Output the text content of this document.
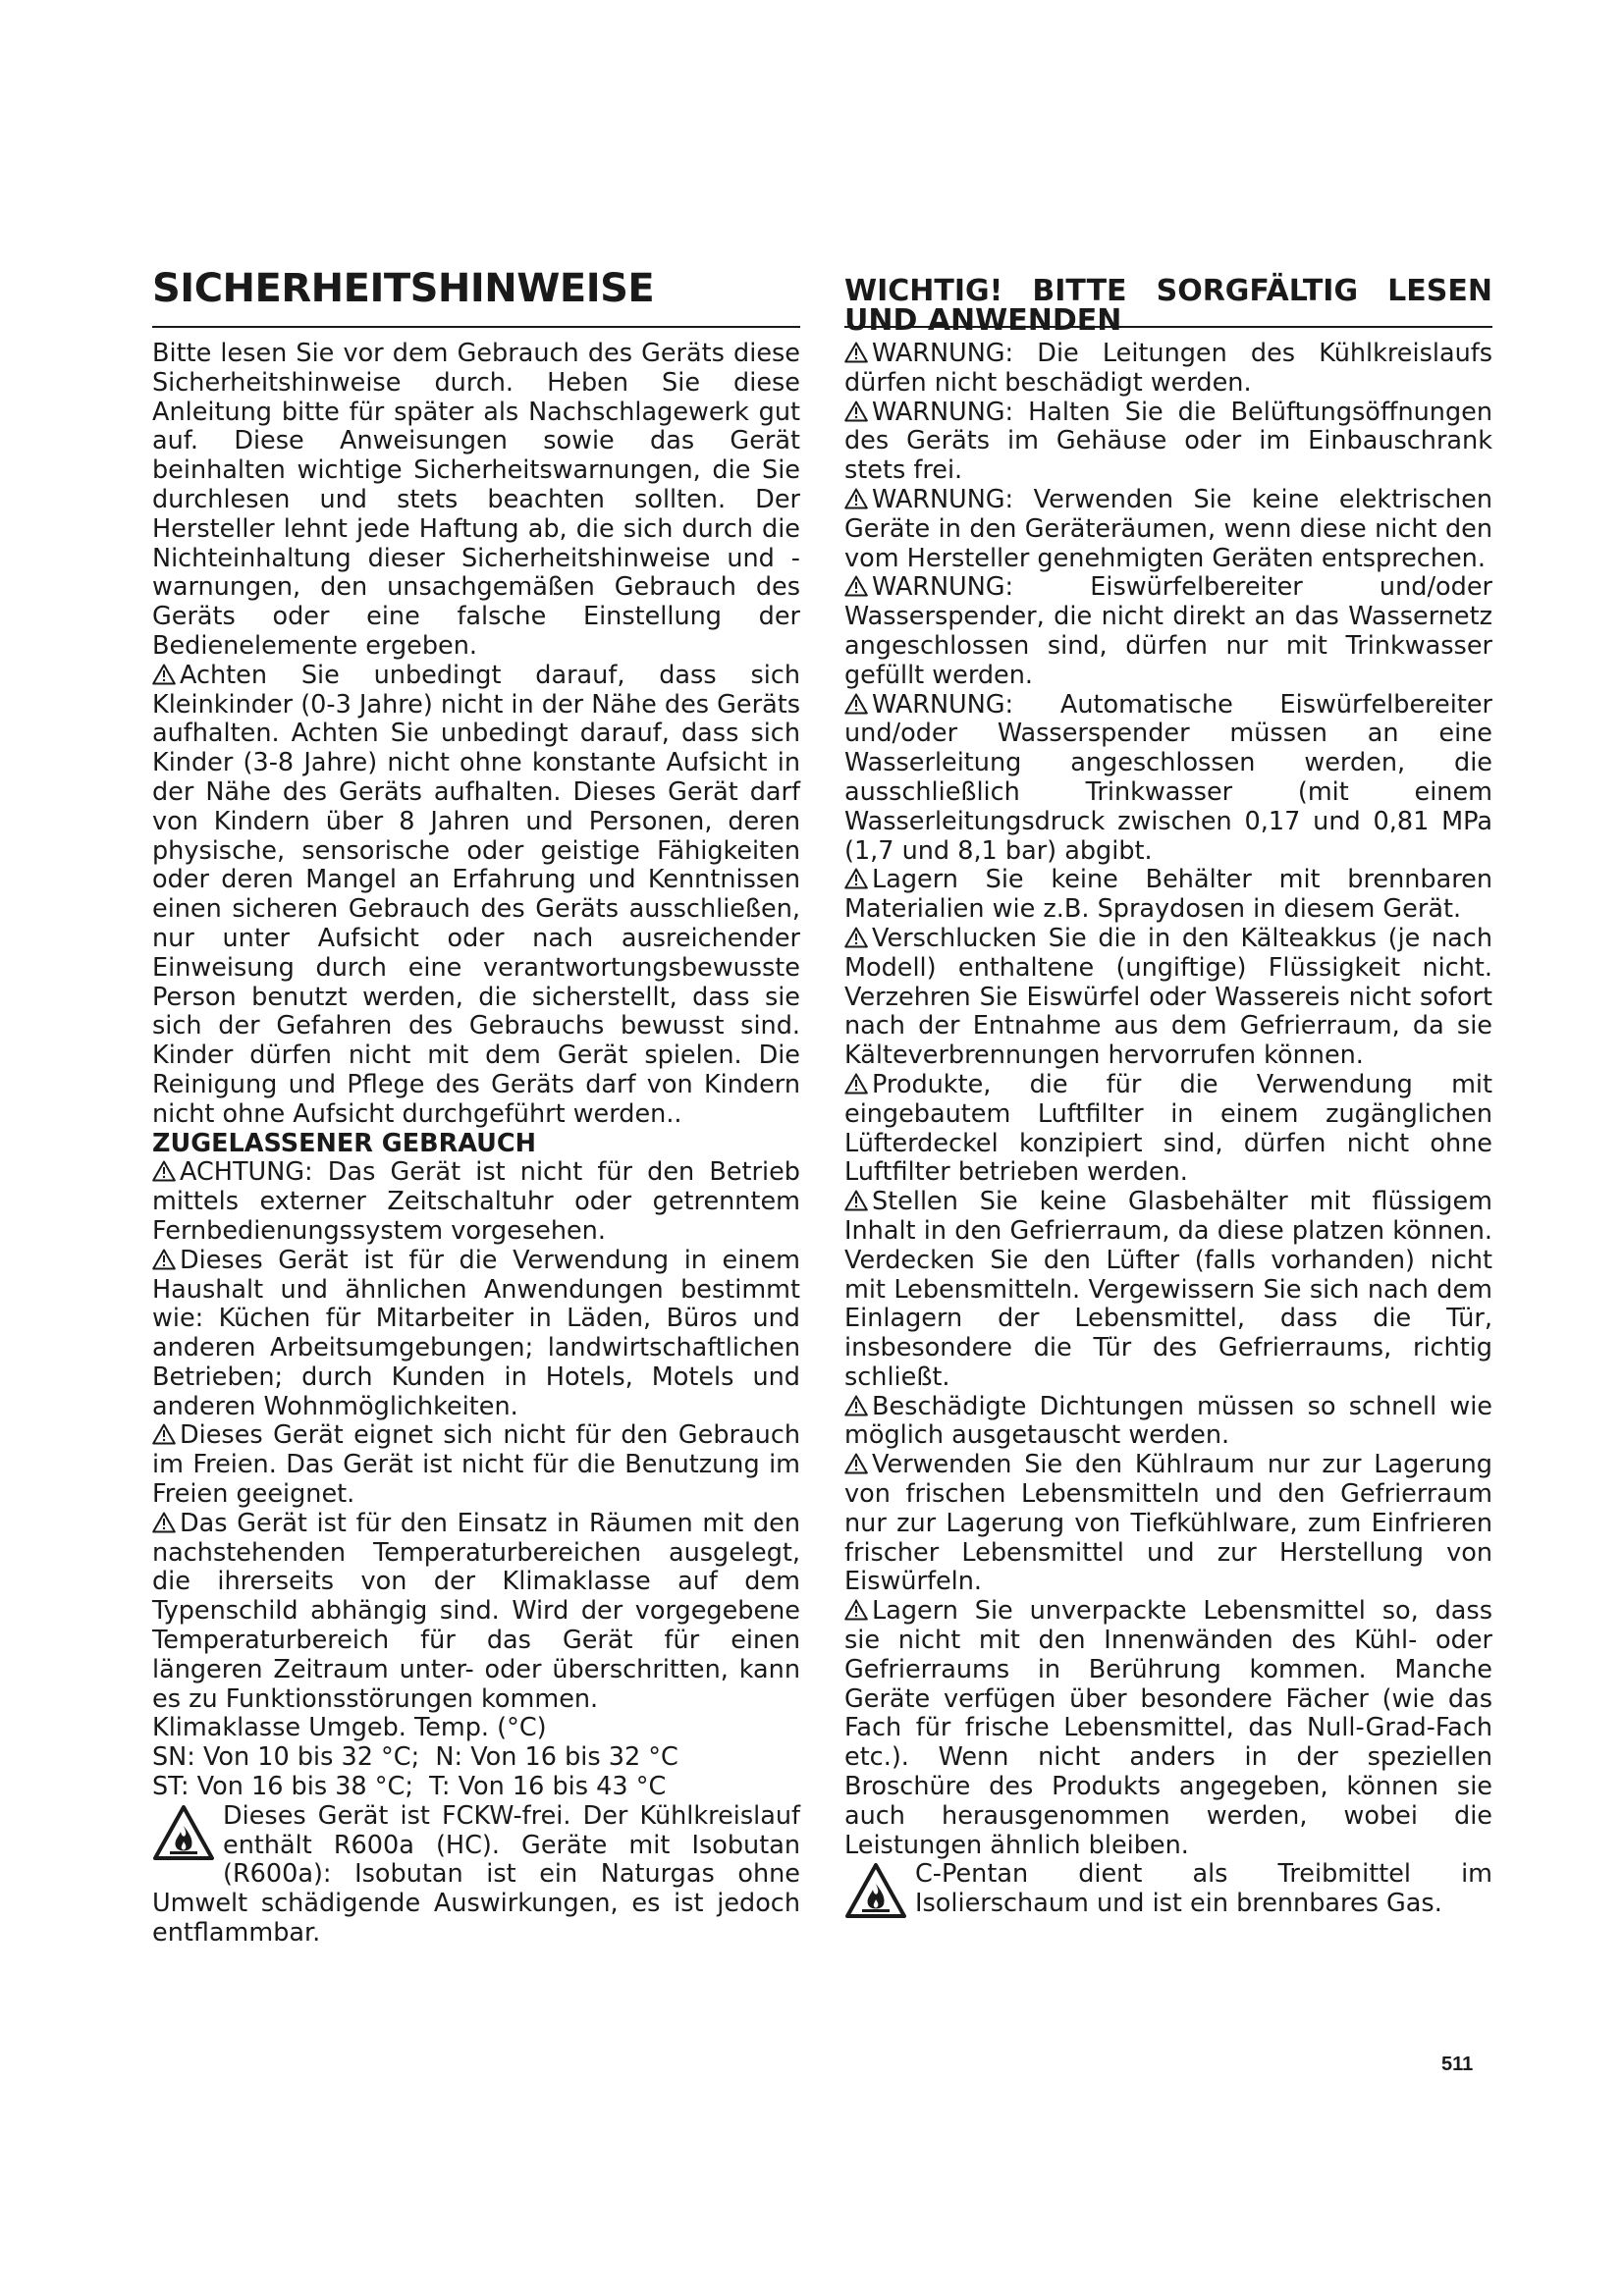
SICHERHEITSHINWEISE

Bitte lesen Sie vor dem Gebrauch des Geräts diese Sicherheitshinweise durch. Heben Sie diese Anleitung bitte für später als Nachschlagewerk gut auf. Diese Anweisungen sowie das Gerät beinhalten wichtige Sicherheitswarnungen, die Sie durchlesen und stets beachten sollten. Der Hersteller lehnt jede Haftung ab, die sich durch die Nichteinhaltung dieser Sicherheitshinweise und -warnungen, den unsachgemäßen Gebrauch des Geräts oder eine falsche Einstellung der Bedienelemente ergeben.

Achten Sie unbedingt darauf, dass sich Kleinkinder (0-3 Jahre) nicht in der Nähe des Geräts aufhalten. Achten Sie unbedingt darauf, dass sich Kinder (3-8 Jahre) nicht ohne konstante Aufsicht in der Nähe des Geräts aufhalten. Dieses Gerät darf von Kindern über 8 Jahren und Personen, deren physische, sensorische oder geistige Fähigkeiten oder deren Mangel an Erfahrung und Kenntnissen einen sicheren Gebrauch des Geräts ausschließen, nur unter Aufsicht oder nach ausreichender Einweisung durch eine verantwortungsbewusste Person benutzt werden, die sicherstellt, dass sie sich der Gefahren des Gebrauchs bewusst sind. Kinder dürfen nicht mit dem Gerät spielen. Die Reinigung und Pflege des Geräts darf von Kindern nicht ohne Aufsicht durchgeführt werden..

ZUGELASSENER GEBRAUCH

ACHTUNG: Das Gerät ist nicht für den Betrieb mittels externer Zeitschaltuhr oder getrenntem Fernbedienungssystem vorgesehen.

Dieses Gerät ist für die Verwendung in einem Haushalt und ähnlichen Anwendungen bestimmt wie: Küchen für Mitarbeiter in Läden, Büros und anderen Arbeitsumgebungen; landwirtschaftlichen Betrieben; durch Kunden in Hotels, Motels und anderen Wohnmöglichkeiten.

Dieses Gerät eignet sich nicht für den Gebrauch im Freien. Das Gerät ist nicht für die Benutzung im Freien geeignet.

Das Gerät ist für den Einsatz in Räumen mit den nachstehenden Temperaturbereichen ausgelegt, die ihrerseits von der Klimaklasse auf dem Typenschild abhängig sind. Wird der vorgegebene Temperaturbereich für das Gerät für einen längeren Zeitraum unter- oder überschritten, kann es zu Funktionsstörungen kommen.

Klimaklasse Umgeb. Temp. (°C)

SN: Von 10 bis 32 °C;  N: Von 16 bis 32 °C

ST: Von 16 bis 38 °C;  T: Von 16 bis 43 °C

Dieses Gerät ist FCKW-frei. Der Kühlkreislauf enthält R600a (HC). Geräte mit Isobutan (R600a): Isobutan ist ein Naturgas ohne Umwelt schädigende Auswirkungen, es ist jedoch entflammbar.

WICHTIG! BITTE SORGFÄLTIG LESEN
UND ANWENDEN

WARNUNG: Die Leitungen des Kühlkreislaufs dürfen nicht beschädigt werden.

WARNUNG: Halten Sie die Belüftungsöffnungen des Geräts im Gehäuse oder im Einbauschrank stets frei.

WARNUNG: Verwenden Sie keine elektrischen Geräte in den Geräteräumen, wenn diese nicht den vom Hersteller genehmigten Geräten entsprechen.

WARNUNG: Eiswürfelbereiter und/oder Wasserspender, die nicht direkt an das Wassernetz angeschlossen sind, dürfen nur mit Trinkwasser gefüllt werden.

WARNUNG: Automatische Eiswürfelbereiter und/oder Wasserspender müssen an eine Wasserleitung angeschlossen werden, die ausschließlich Trinkwasser (mit einem Wasserleitungsdruck zwischen 0,17 und 0,81 MPa (1,7 und 8,1 bar) abgibt.

Lagern Sie keine Behälter mit brennbaren Materialien wie z.B. Spraydosen in diesem Gerät.

Verschlucken Sie die in den Kälteakkus (je nach Modell) enthaltene (ungiftige) Flüssigkeit nicht. Verzehren Sie Eiswürfel oder Wassereis nicht sofort nach der Entnahme aus dem Gefrierraum, da sie Kälteverbrennungen hervorrufen können.

Produkte, die für die Verwendung mit eingebautem Luftfilter in einem zugänglichen Lüfterdeckel konzipiert sind, dürfen nicht ohne Luftfilter betrieben werden.

Stellen Sie keine Glasbehälter mit flüssigem Inhalt in den Gefrierraum, da diese platzen können. Verdecken Sie den Lüfter (falls vorhanden) nicht mit Lebensmitteln. Vergewissern Sie sich nach dem Einlagern der Lebensmittel, dass die Tür, insbesondere die Tür des Gefrierraums, richtig schließt.

Beschädigte Dichtungen müssen so schnell wie möglich ausgetauscht werden.

Verwenden Sie den Kühlraum nur zur Lagerung von frischen Lebensmitteln und den Gefrierraum nur zur Lagerung von Tiefkühlware, zum Einfrieren frischer Lebensmittel und zur Herstellung von Eiswürfeln.

Lagern Sie unverpackte Lebensmittel so, dass sie nicht mit den Innenwänden des Kühl- oder Gefrierraums in Berührung kommen. Manche Geräte verfügen über besondere Fächer (wie das Fach für frische Lebensmittel, das Null-Grad-Fach etc.). Wenn nicht anders in der speziellen Broschüre des Produkts angegeben, können sie auch herausgenommen werden, wobei die Leistungen ähnlich bleiben.

C-Pentan dient als Treibmittel im Isolierschaum und ist ein brennbares Gas.

511
